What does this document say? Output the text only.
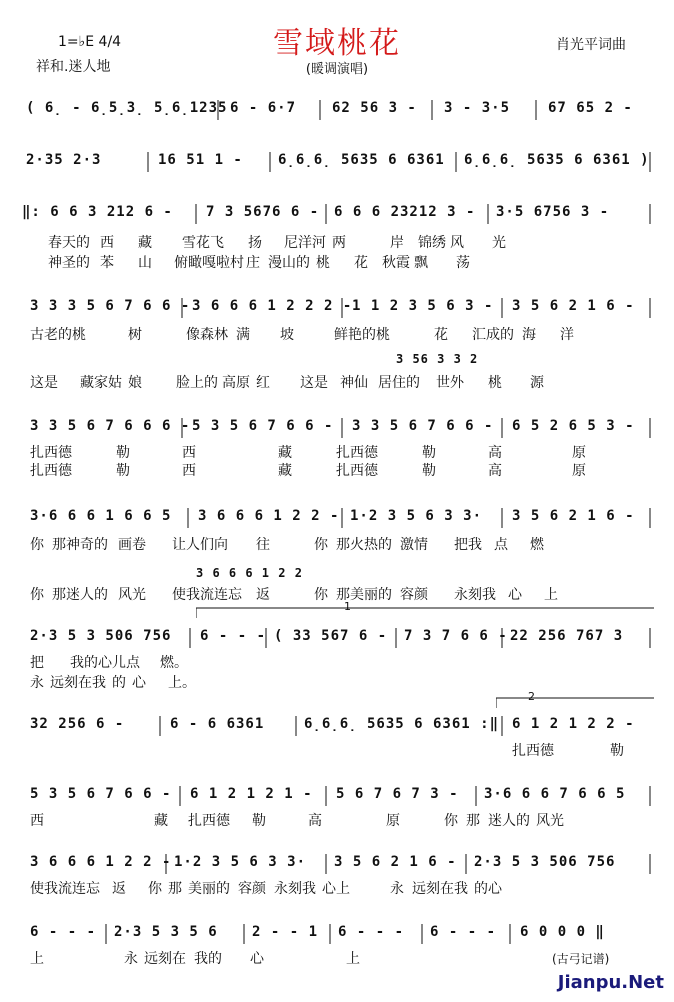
雪域桃花
1=♭E 4/4
祥和.迷人地
肖光平词曲
(暖调演唱)
( 6̣ - 6̣5̣3̣ 5̣6̣1235 6 - 6·7	62 56 3 - 3 - 3·5	67 65 2 -
2·35 2·3	16 51 1 -	6̣6̣6̣ 5635 6 6361 6̣6̣6̣ 5635 6 6361 )
‖: 6 6 3 212 6 - 7 3 5676 6 - 6 6 6 23212 3 - 3·5 6756 3 -
春天的 西 藏 雪花飞 扬 尼洋河 两	岸 锦绣 风 光
神圣的 苯 山 俯瞰嘎啦村 庄 漫山的 桃 花 秋霞 飘 荡
3 3 3 5 6 7 6 6 - 3 6 6 6 1 2 2 2 - 1 1 2 3 5 6 3 - 3 5 6 2 1 6 -
古老的桃	树	像森林 满 坡	鲜艳的桃	花 汇成的 海 洋
3 56 3 3 2
这是 藏家姑 娘 脸上的 高原 红 这是 神仙 居住的 世外 桃 源
3 3 5 6 7 6 6 6 - 5 3 5 6 7 6 6 - 3 3 5 6 7 6 6 - 6 5 2 6 5 3 -
扎西德	勒	西	藏	扎西德	勒	高	原
扎西德	勒	西	藏	扎西德	勒	高	原
3·6 6 6 1 6 6 5 3 6 6 6 1 2 2 - 1·2 3 5 6 3 3· 3 5 6 2 1 6 -
你 那神奇的 画卷 让人们向 往	你 那火热的 激情 把我 点 燃
3 6 6 6 1 2 2
你 那迷人的 风光 使我流连忘 返	你 那美丽的 容颜 永刻我 心 上
1
2·3 5 3 506 756 6 - - - ( 33 567 6 - 7 3 7 6 6 - 22 256 767 3
把 我的心儿点 燃。
永 远刻在我 的 心 上。
2
32 256 6 -	6 - 6 6361	6̣6̣6̣ 5635 6 6361 :‖ 6 1 2 1 2 2 -
扎西德	勒
5 3 5 6 7 6 6 - 6 1 2 1 2 1 - 5 6 7 6 7 3 - 3·6 6 6 7 6 6 5
西	藏 扎西德 勒	高	原	你 那 迷人的 风光
3 6 6 6 1 2 2 - 1·2 3 5 6 3 3· 3 5 6 2 1 6 - 2·3 5 3 506 756
使我流连忘 返 你 那 美丽的 容颜 永刻我 心上	永 远刻在我 的心
6 - - - 2·3 5 3 5 6 2 - - 1 6 - - - 6 - - - 6 0 0 0 ‖
上	永 远刻在 我的 心	上	(古弓记谱)
Jianpu.Net
